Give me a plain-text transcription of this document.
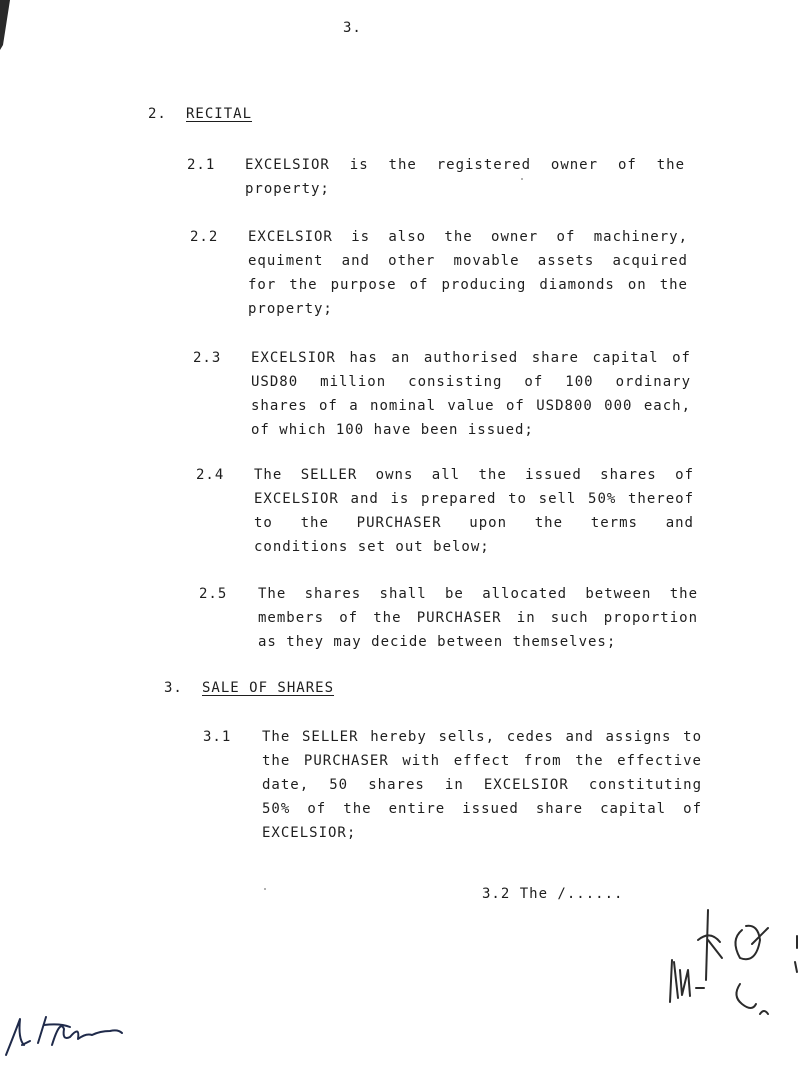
3.
2. RECITAL
2.1 EXCELSIOR is the registered owner of the
property;
2.2 EXCELSIOR is also the owner of machinery,
equiment and other movable assets acquired
for the purpose of producing diamonds on the
property;
2.3 EXCELSIOR has an authorised share capital of
USD80 million consisting of 100 ordinary
shares of a nominal value of USD800 000 each,
of which 100 have been issued;
2.4 The SELLER owns all the issued shares of
EXCELSIOR and is prepared to sell 50% thereof
to the PURCHASER upon the terms and
conditions set out below;
2.5 The shares shall be allocated between the
members of the PURCHASER in such proportion
as they may decide between themselves;
3. SALE OF SHARES
3.1 The SELLER hereby sells, cedes and assigns to
the PURCHASER with effect from the effective
date, 50 shares in EXCELSIOR constituting
50% of the entire issued share capital of
EXCELSIOR;
3.2 The /......
